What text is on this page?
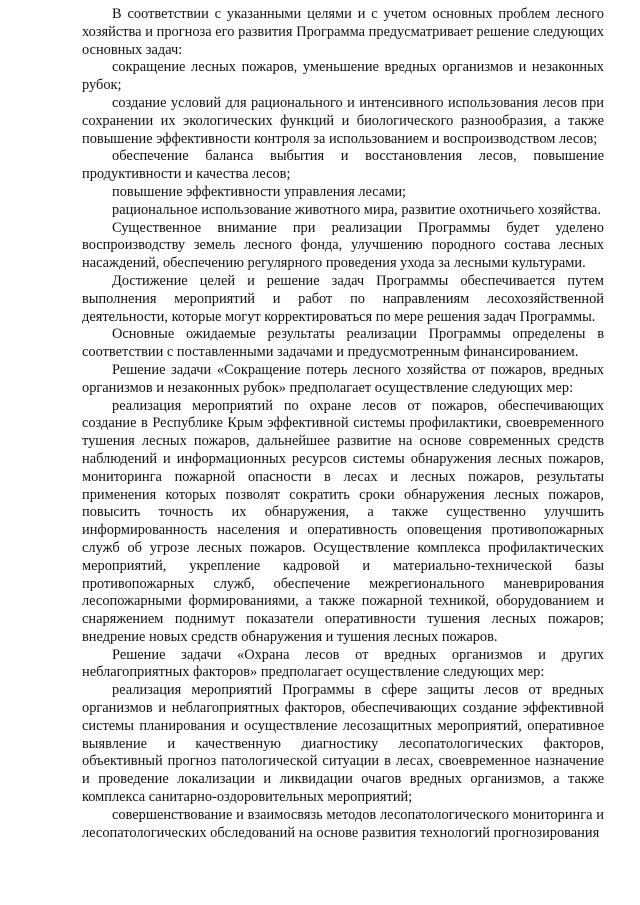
В соответствии с указанными целями и с учетом основных проблем лесного хозяйства и прогноза его развития Программа предусматривает решение следующих основных задач:

сокращение лесных пожаров, уменьшение вредных организмов и незаконных рубок;

создание условий для рационального и интенсивного использования лесов при сохранении их экологических функций и биологического разнообразия, а также повышение эффективности контроля за использованием и воспроизводством лесов;

обеспечение баланса выбытия и восстановления лесов, повышение продуктивности и качества лесов;

повышение эффективности управления лесами;

рациональное использование животного мира, развитие охотничьего хозяйства.

Существенное внимание при реализации Программы будет уделено воспроизводству земель лесного фонда, улучшению породного состава лесных насаждений, обеспечению регулярного проведения ухода за лесными культурами.

Достижение целей и решение задач Программы обеспечивается путем выполнения мероприятий и работ по направлениям лесохозяйственной деятельности, которые могут корректироваться по мере решения задач Программы.

Основные ожидаемые результаты реализации Программы определены в соответствии с поставленными задачами и предусмотренным финансированием.

Решение задачи «Сокращение потерь лесного хозяйства от пожаров, вредных организмов и незаконных рубок» предполагает осуществление следующих мер:

реализация мероприятий по охране лесов от пожаров, обеспечивающих создание в Республике Крым эффективной системы профилактики, своевременного тушения лесных пожаров, дальнейшее развитие на основе современных средств наблюдений и информационных ресурсов системы обнаружения лесных пожаров, мониторинга пожарной опасности в лесах и лесных пожаров, результаты применения которых позволят сократить сроки обнаружения лесных пожаров, повысить точность их обнаружения, а также существенно улучшить информированность населения и оперативность оповещения противопожарных служб об угрозе лесных пожаров. Осуществление комплекса профилактических мероприятий, укрепление кадровой и материально-технической базы противопожарных служб, обеспечение межрегионального маневрирования лесопожарными формированиями, а также пожарной техникой, оборудованием и снаряжением поднимут показатели оперативности тушения лесных пожаров; внедрение новых средств обнаружения и тушения лесных пожаров.

Решение задачи «Охрана лесов от вредных организмов и других неблагоприятных факторов» предполагает осуществление следующих мер:

реализация мероприятий Программы в сфере защиты лесов от вредных организмов и неблагоприятных факторов, обеспечивающих создание эффективной системы планирования и осуществление лесозащитных мероприятий, оперативное выявление и качественную диагностику лесопатологических факторов, объективный прогноз патологической ситуации в лесах, своевременное назначение и проведение локализации и ликвидации очагов вредных организмов, а также комплекса санитарно-оздоровительных мероприятий;

совершенствование и взаимосвязь методов лесопатологического мониторинга и лесопатологических обследований на основе развития технологий прогнозирования
